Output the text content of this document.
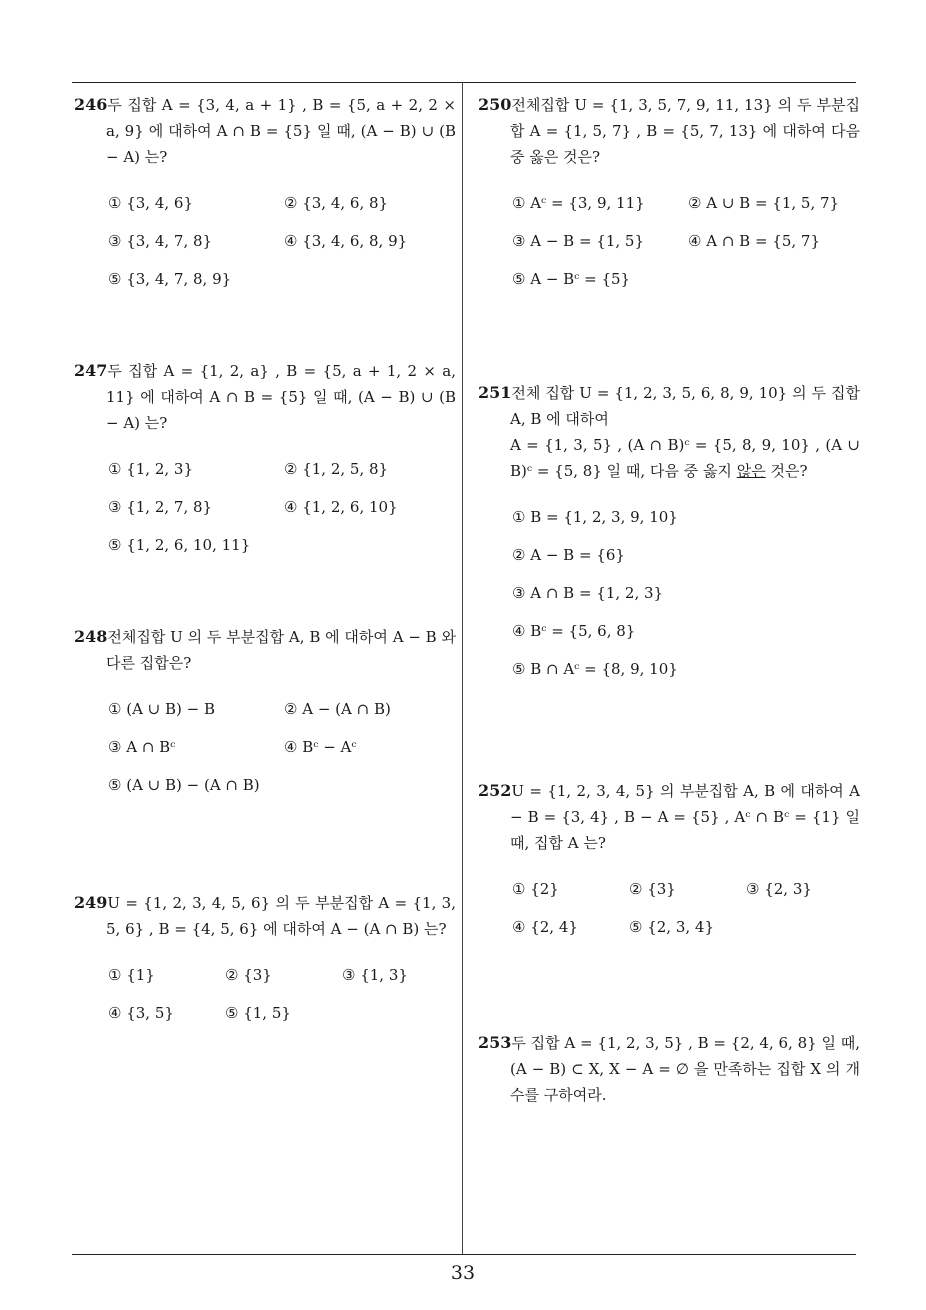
246두 집합 A = {3, 4, a + 1} , B = {5, a + 2, 2 × a, 9} 에 대하여 A ∩ B = {5} 일 때, (A − B) ∪ (B − A) 는?
① {3, 4, 6}	② {3, 4, 6, 8}
③ {3, 4, 7, 8}	④ {3, 4, 6, 8, 9}
⑤ {3, 4, 7, 8, 9}
247두 집합 A = {1, 2, a} , B = {5, a + 1, 2 × a, 11} 에 대하여 A ∩ B = {5} 일 때, (A − B) ∪ (B − A) 는?
① {1, 2, 3}	② {1, 2, 5, 8}
③ {1, 2, 7, 8}	④ {1, 2, 6, 10}
⑤ {1, 2, 6, 10, 11}
248전체집합 U 의 두 부분집합 A, B 에 대하여 A − B 와 다른 집합은?
① (A ∪ B) − B	② A − (A ∩ B)
③ A ∩ Bᶜ	④ Bᶜ − Aᶜ
⑤ (A ∪ B) − (A ∩ B)
249U = {1, 2, 3, 4, 5, 6} 의 두 부분집합 A = {1, 3, 5, 6} , B = {4, 5, 6} 에 대하여 A − (A ∩ B) 는?
① {1}	② {3}	③ {1, 3}
④ {3, 5}	⑤ {1, 5}
250전체집합 U = {1, 3, 5, 7, 9, 11, 13} 의 두 부분집합 A = {1, 5, 7} , B = {5, 7, 13} 에 대하여 다음 중 옳은 것은?
① Aᶜ = {3, 9, 11}	② A ∪ B = {1, 5, 7}
③ A − B = {1, 5}	④ A ∩ B = {5, 7}
⑤ A − Bᶜ = {5}
251전체 집합 U = {1, 2, 3, 5, 6, 8, 9, 10} 의 두 집합 A, B 에 대하여
A = {1, 3, 5} , (A ∩ B)ᶜ = {5, 8, 9, 10} , (A ∪ B)ᶜ = {5, 8} 일 때, 다음 중 옳지 않은 것은?
① B = {1, 2, 3, 9, 10}
② A − B = {6}
③ A ∩ B = {1, 2, 3}
④ Bᶜ = {5, 6, 8}
⑤ B ∩ Aᶜ = {8, 9, 10}
252U = {1, 2, 3, 4, 5} 의 부분집합 A, B 에 대하여 A − B = {3, 4} , B − A = {5} , Aᶜ ∩ Bᶜ = {1} 일 때, 집합 A 는?
① {2}	② {3}	③ {2, 3}
④ {2, 4}	⑤ {2, 3, 4}
253두 집합 A = {1, 2, 3, 5} , B = {2, 4, 6, 8} 일 때, (A − B) ⊂ X, X − A = ∅ 을 만족하는 집합 X 의 개수를 구하여라.
33
